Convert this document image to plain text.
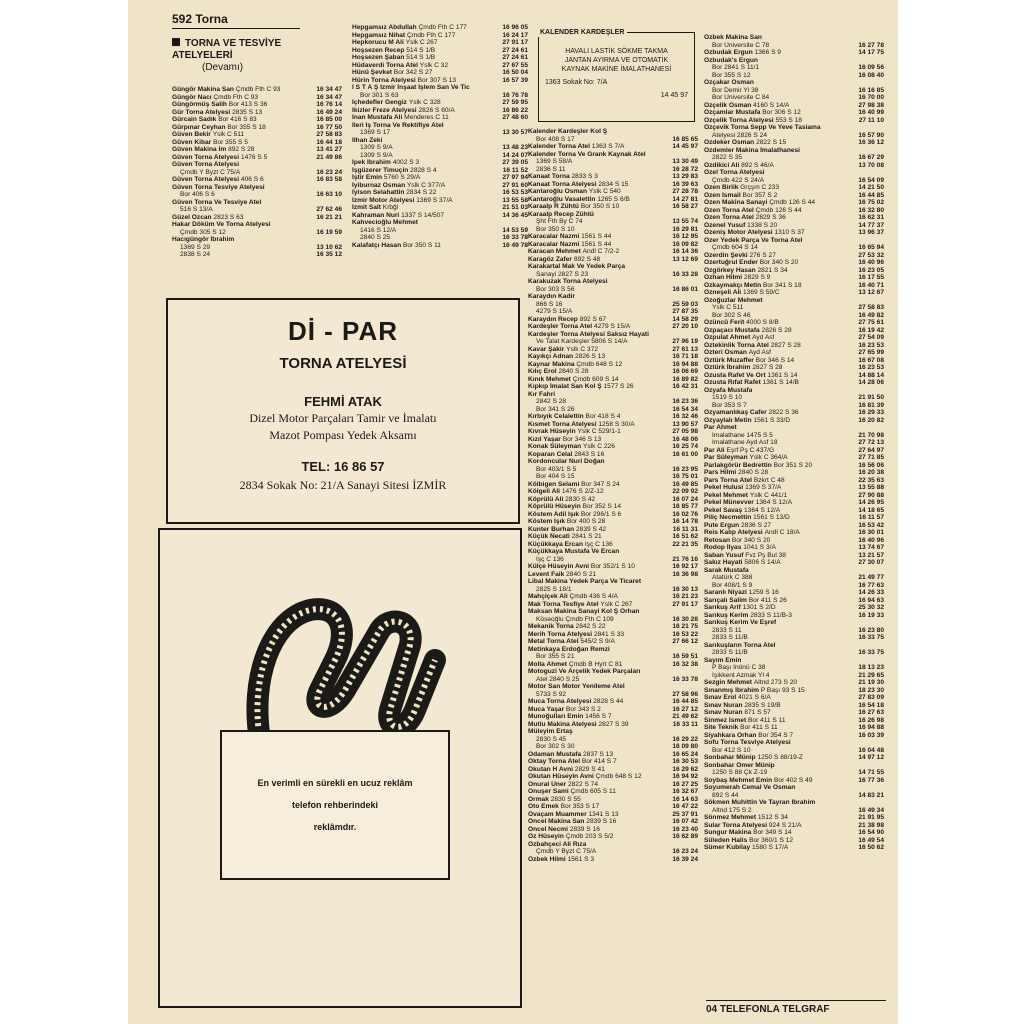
592 Torna
TORNA VE TESVİYE ATELYELERİ
(Devamı)
Güngör Makina San Çmdb Fth C 93	16 34 47
Güngör Nacı Çmdb Fth C 93	16 34 47
Güngörmüş Salih Bor 413 S 36	16 76 14
Gür Torna Atelyesi 2835 S 13	16 49 24
Gürcain Sadık Bor 416 S 83	16 85 00
Gürpınar Ceyhan Bor 355 S 18	16 77 50
Güven Bekir Yslk C 511	27 58 83
Güven Kibar Bor 355 S 5	16 44 18
Güven Makina İm 892 S 28	13 41 27
Güven Torna Atelyesi 1476 S 5	21 49 86
Güven Torna Atelyesi
Çmdb Y Byzt C 75/A	16 23 24
Güven Torna Atelyesi 406 S 6	16 83 58
Güven Torna Tesviye Atelyesi
Bor 406 S 6	16 63 10
Güven Torna Ve Tesviye Atel
516 S 13/A	27 62 46
Güzel Özcan 2823 S 63	16 21 21
Hakar Döküm Ve Torna Atelyesi
Çmdb 305 S 12	16 19 59
Hacıgüngör İbrahim
1369 S 29	13 10 62
2838 S 24	16 35 12
Hepgamsız Abdullah Çmdb Fth C 177	16 96 05
Hepgamsız Nihat Çmdb Fth C 177	16 24 17
Hepkorucu M Ali Yslk C 267	27 91 17
Hoşsezen Recep 514 S 1/B	27 24 61
Hoşsezen Şaban 514 S 1/B	27 24 61
Hüdaverdi Torna Atel Yslk C 32	27 67 55
Hünü Şevket Bor 342 S 27	16 50 04
Hürin Torna Atelyesi Bor 307 S 13	16 57 39
I S T A Ş İzmir İnşaat İşlem San Ve Tic
Bor 301 S 63	16 76 78
İçhedefler Gengiz Yslk C 328	27 59 95
İkizler Freze Atelyesi 2826 S 60/A	16 86 22
İnan Mustafa Ali Menderes C 11	27 48 60
İleri İş Torna Ve Rektifiye Atel
1369 S 17	13 30 57
İlhan Zeki
1309 S 9/A	13 48 23
1309 S 9/A	14 24 07
İpek İbrahim 4002 S 3	27 39 05
İşgüzerer Timuçin 2828 S 4	16 11 52
İştir Emin 5760 S 29/A	27 97 94
İyiburnaz Osman Yslk C 377/A	27 91 60
İyison Selahattin 2834 S 22	16 53 53
İzmir Motor Atelyesi 1369 S 37/A	13 55 58
İzmit Salt Krbğl	21 51 03
Kahraman Nuri 1337 S 14/507	14 36 45
Kahvecioğlu Mehmet
1416 S 12/A	14 53 59
2840 S 25	16 33 78
Kalafatçı Hasan Bor 350 S 11	16 49 78
KALENDER KARDEŞLER
HAVALI LASTİK SÖKME TAKMA
JANTAN AYIRMA VE OTOMATİK
KAYNAK MAKİNE İMALATHANESİ
1363 Sokak No: 7/A
14 45 97
Kalender Kardeşler Kol Ş
Bor 408 S 17	16 85 65
Kalender Torna Atel 1363 S 7/A	14 45 97
Kalender Torna Ve Grank Kaynak Atel
1369 S 58/A	13 30 49
2836 S 11	16 28 72
Kanaat Torna 2833 S 3	13 29 83
Kanaat Torna Atelyesi 2834 S 15	16 39 63
Kantaroğlu Osman Yslk C 540	27 28 78
Kantaroğlu Vasalettin 1265 S 6/B	14 27 81
Karaalp R Zühtü Bor 350 S 10	16 58 27
Karaalp Recep Zühtü
Şht Fth By C 74	13 55 74
Bor 350 S 10	16 29 81
Karacalar Nazmi 1561 S 44	16 12 95
Karacalar Nazmi 1561 S 44	16 09 82
Karacan Mehmet Andl C 7/2-2	16 14 36
Karagöz Zafer 892 S 48	13 12 69
Karakartal Mak Ve Yedek Parça
Sanayi 2827 S 23	16 33 28
Karakuzak Torna Atelyesi
Bor 303 S 56	16 86 01
Karaydın Kadir
866 S 16	25 59 03
4279 S 15/A	27 87 35
Karaydın Recep 892 S 67	14 58 29
Kardeşler Torna Atel 4279 S 15/A	27 20 10
Kardeşler Torna Atelyesi Saksız Hayati
Ve Talat Kardeşler 5806 S 14/A	27 96 19
Kavar Şakir Yslk C 372	27 61 13
Kayıkçı Adnan 2826 S 13	16 71 18
Kaynar Makina Çmdb 648 S 12	16 94 88
Kılıç Erol 2840 S 28	16 06 69
Kınık Mehmet Çmdb 609 S 14	16 89 82
Kıpkıp İmalat San Kol Ş 1577 S 26	16 42 31
Kır Fahri
2842 S 28	16 23 36
Bor 341 S 26	16 54 34
Kırbıyık Celalettin Bor 418 S 4	16 32 46
Kısmet Torna Atelyesi 1258 S 30/A	13 90 57
Kıvrak Hüseyin Yslk C 529/1-1	27 05 98
Kızıl Yaşar Bor 346 S 13	16 48 06
Konak Süleyman Yslk C 226	16 25 74
Koparan Celal 2843 S 16	16 61 00
Kordoncular Nuri Doğan
Bor 403/1 S 5	16 23 95
Bor 404 S 15	16 75 01
Kölbigen Selami Bor 347 S 24	16 49 85
Kölgeli Ali 1476 S 2/Z-12	22 09 92
Köprülü Ali 2830 S 42	16 07 24
Köprülü Hüseyin Bor 352 S 14	16 85 77
Köstem Adil Işık Bor 296/1 S 6	16 02 76
Köstem Işık Bor 400 S 28	16 14 78
Kunter Burhan 2839 S 42	16 11 31
Küçük Necati 2841 S 21	16 51 62
Küçükkaya Ercan Işç C 136	22 21 35
Küçükkaya Mustafa Ve Ercan
Işç C 136	21 76 16
Külçe Hüseyin Avni Bor 352/1 S 10	16 92 17
Levent Faik 2840 S 21	16 36 98
Libal Makina Yedek Parça Ve Ticaret
2825 S 18/1	16 30 13
Mahçiçek Ali Çmdb 436 S 4/A	16 21 23
Mak Torna Tesfiye Atel Yslk C 267	27 91 17
Maksan Makina Sanayi Kol Ş Orhan
Köseoğlu Çmdb Fth C 109	16 30 28
Mekanik Torna 2842 S 22	16 21 75
Merih Torna Atelyesi 2841 S 33	16 53 22
Metal Torna Atel 545/2 S 9/A	27 66 12
Metinkaya Erdoğan Remzi
Bor 355 S 21	16 59 51
Molla Ahmet Çmdb B Hyrt C 81	16 32 38
Motoguzi Ve Arçelik Yedek Parçaları
Atel 2840 S 25	16 33 78
Motor San Motor Yenileme Atel
5733 S 92	27 58 96
Muca Torna Atelyesi 2828 S 44	16 44 85
Muca Yaşar Bor 343 S 2	16 27 12
Munoğulları Emin 1456 S 7	21 49 62
Mutlu Makina Atelyesi 2827 S 39	16 33 11
Müleyim Ertaş
2830 S 45	16 29 22
Bor 302 S 30	16 09 80
Odaman Mustafa 2837 S 13	16 65 24
Oktay Torna Atel Bor 414 S 7	16 30 53
Okutan H Avni 2829 S 41	16 29 62
Okutan Hüseyin Avni Çmdb 648 S 12	16 94 92
Onural Üner 2822 S 74	16 27 25
Onuşer Sami Çmdb 605 S 11	16 32 67
Ormak 2830 S 55	16 14 63
Oto Emek Bor 353 S 17	16 47 22
Ovaçam Muammer 1341 S 13	25 37 91
Öncel Makina San 2839 S 16	16 07 42
Öncel Necmi 2839 S 16	16 23 40
Öz Hüseyin Çmdb 203 S 5/2	16 62 89
Özbahçeci Ali Rıza
Çmdb Y Byzt C 75/A	16 23 24
Özbek Hilmi 1561 S 3	16 39 24
Özbek Makina San
Bor Üniversite C 78	16 27 78
Özbudak Ergun 1366 S 9	14 17 75
Özbudak's Ergun
Bor 2841 S 11/1	16 09 56
Bor 355 S 12	16 08 40
Özçakar Osman
Bor Demir Yl 38	16 16 85
Bor Üniversite C 84	16 70 00
Özçelik Osman 4160 S 14/A	27 98 38
Özçamlar Mustafa Bor 306 S 12	16 40 99
Özçelik Torna Atelyesi 553 S 18	27 11 10
Özçevik Torna Sepp Ve Yeve Tasiama
Atelyesi 2826 S 24	16 57 90
Özdeker Osman 2822 S 15	16 36 12
Özdemler Makina İmalathanesi
2822 S 35	16 67 29
Özdikici Ali 892 S 46/A	13 70 08
Özel Torna Atelyesi
Çmdb 422 S 24/A	16 54 09
Özen Birlik Grçşm C 233	14 21 50
Özen İsmail Bor 357 S 2	16 44 85
Özen Makina Sanayi Çmdb 126 S 44	16 75 02
Özen Torna Atel Çmdb 126 S 44	16 32 80
Özen Torna Atel 2829 S 36	16 62 31
Özenel Yusuf 1338 S 20	14 77 37
Özeniş Motor Atelyesi 1310 S 37	13 96 37
Özer Yedek Parça Ve Torna Atel
Çmdb 604 S 14	16 65 94
Özerdin Şevki 276 S 27	27 53 32
Özertuğrul Ender Bor 340 S 20	16 40 96
Özgörkey Hasan 2821 S 34	16 23 05
Özhan Hilmi 2829 S 9	16 17 55
Özkaymakçı Metin Bor 341 S 18	16 40 71
Özneşeli Ali 1369 S 59/C	13 12 67
Özoğuzlar Mehmet
Yslk C 511	27 58 83
Bor 302 S 46	16 49 82
Özüncü Ferit 4000 S 8/B	27 75 61
Özpaçacı Mustafa 2826 S 28	16 19 42
Özpulat Ahmet Ayd Asf	27 54 09
Öztekinlik Torna Atel 2827 S 28	16 23 53
Özteri Osman Ayd Asf	27 65 99
Öztürk Muzaffer Bor 346 S 14	16 67 08
Öztürk İbrahim 2827 S 28	16 23 53
Özusta Rafet Ve Ort 1361 S 14	14 88 14
Özusta Rıfat Rafet 1361 S 14/B	14 28 06
Özyafa Mustafa
1519 S 10	21 91 50
Bor 353 S 7	16 81 39
Özyamanlıkaş Cafer 2822 S 36	16 29 33
Özyaylalı Metin 1561 S 33/D	16 20 82
Par Ahmet
İmalathane 1475 S 5	21 70 98
İmalathane Ayd Asf 18	27 72 13
Par Ali Eşrf Pş C 437/G	27 64 97
Par Süleyman Yslk C 364/A	27 71 85
Parlakgörür Bedrettin Bor 351 S 20	16 56 06
Pars Hilmi 2840 S 28	16 20 38
Pars Torna Atel Bzkrt C 48	22 35 63
Pekel Hulusi 1369 S 37/A	13 55 88
Pekel Mehmet Yslk C 441/1	27 90 88
Pekel Münevver 1364 S 12/A	14 26 95
Pekel Savaş 1364 S 12/A	14 18 65
Piliç Necmettin 1561 S 13/D	16 11 57
Pute Ergun 2836 S 27	16 53 42
Reis Kalıp Atelyesi Andl C 18/A	16 30 01
Retosan Bor 340 S 20	16 40 96
Rodop İlyas 1041 S 3/A	13 74 67
Saban Yusuf Fvz Pş Bul 38	13 21 57
Sakız Hayati 5806 S 14/A	27 30 07
Sarak Mustafa
Atatürk C 388	21 49 77
Bor 408/1 S 9	16 77 63
Saranlı Niyazi 1259 S 16	14 26 33
Sarıçalı Salim Bor 411 S 26	16 94 63
Sarıkuş Arif 1301 S 2/D	25 30 32
Sarıkuş Kerim 2833 S 11/B-3	16 19 33
Sarıkuş Kerim Ve Eşref
2833 S 11	16 23 80
2833 S 11/B	16 33 75
Sarıkuşların Torna Atel
2833 S 11/B	16 33 75
Sayım Emin
P Başı İnönü C 38	18 13 23
Işıkkent Azmak Yl 4	21 29 65
Sezgin Mehmet Altnd 273 S 20	21 19 30
Sınanmış İbrahim P Başı 93 S 15	18 23 30
Sınav Erol 4021 S 6/A	27 83 09
Sınav Nuran 2835 S 19/B	16 54 18
Sınav Nuran 871 S 57	16 27 63
Sinmez İsmet Bor 411 S 11	16 26 98
Site Teknik Bor 411 S 11	16 94 88
Siyahkara Orhan Bor 354 S 7	16 03 39
Sofu Torna Tesviye Atelyesi
Bor 412 S 10	16 04 48
Sonbahar Münip 1250 S 88/19-Z	14 97 12
Sonbahar Ömer Münip
1250 S 88 Çk Z-19	14 71 55
Soybaş Mehmet Emin Bor 402 S 49	16 77 36
Soyumerah Cemal Ve Osman
892 S 44	14 83 21
Sökmen Muhittin Ve Tayran İbrahim
Altnd 175 S 2	16 49 34
Sönmez Mehmet 1512 S 34	21 91 95
Sular Torna Atelyesi 924 S 21/A	21 38 98
Sungur Makina Bor 349 S 14	16 54 90
Süleden Halis Bor 360/1 S 12	16 49 54
Sümer Kubilay 1580 S 17/A	16 50 62
Dİ - PAR
TORNA ATELYESİ
FEHMİ ATAK
Dizel Motor Parçaları Tamir ve İmalatı
Mazot Pompası Yedek Aksamı
TEL: 16 86 57
2834 Sokak No: 21/A Sanayi Sitesi İZMİR
En verimli en sürekli en ucuz reklâm
telefon rehberindeki
reklâmdır.
04 TELEFONLA TELGRAF
